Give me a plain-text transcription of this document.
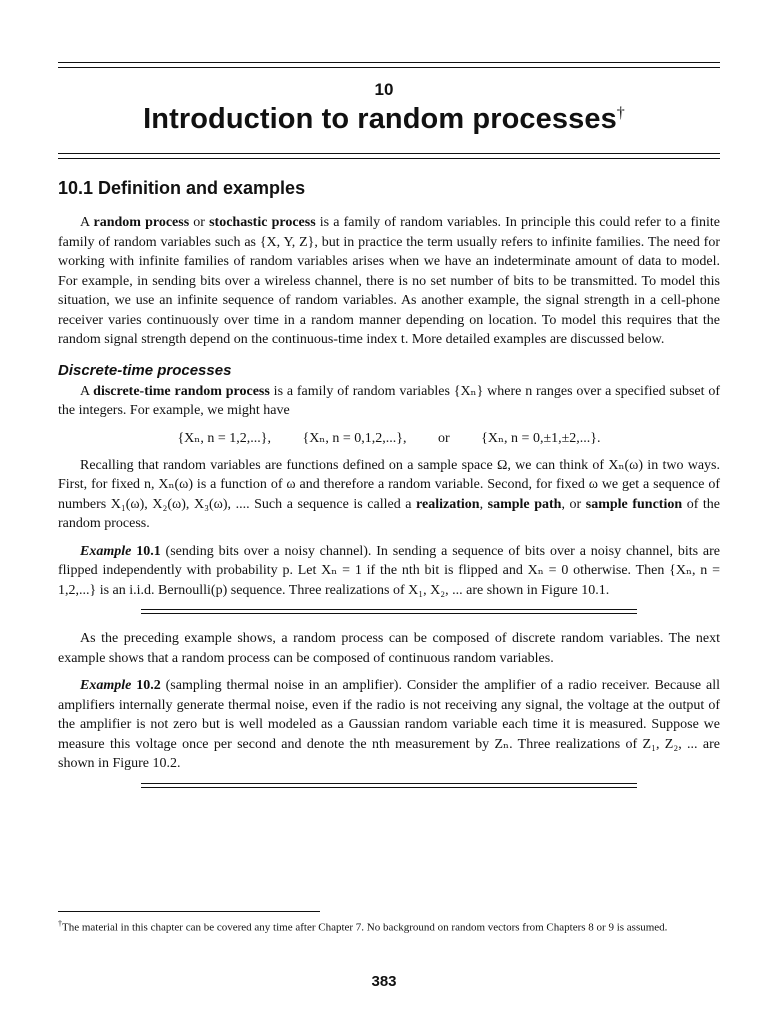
10
Introduction to random processes†
10.1 Definition and examples

A random process or stochastic process is a family of random variables. In principle this could refer to a finite family of random variables such as {X, Y, Z}, but in practice the term usually refers to infinite families. The need for working with infinite families of random variables arises when we have an indeterminate amount of data to model. For example, in sending bits over a wireless channel, there is no set number of bits to be transmitted. To model this situation, we use an infinite sequence of random variables. As another example, the signal strength in a cell-phone receiver varies continuously over time in a random manner depending on location. To model this requires that the random signal strength depend on the continuous-time index t. More detailed examples are discussed below.

Discrete-time processes

A discrete-time random process is a family of random variables {Xₙ} where n ranges over a specified subset of the integers. For example, we might have

{Xₙ, n = 1,2,...}, {Xₙ, n = 0,1,2,...}, or {Xₙ, n = 0,±1,±2,...}.

Recalling that random variables are functions defined on a sample space Ω, we can think of Xₙ(ω) in two ways. First, for fixed n, Xₙ(ω) is a function of ω and therefore a random variable. Second, for fixed ω we get a sequence of numbers X₁(ω), X₂(ω), X₃(ω), .... Such a sequence is called a realization, sample path, or sample function of the random process.

Example 10.1 (sending bits over a noisy channel). In sending a sequence of bits over a noisy channel, bits are flipped independently with probability p. Let Xₙ = 1 if the nth bit is flipped and Xₙ = 0 otherwise. Then {Xₙ, n = 1,2,...} is an i.i.d. Bernoulli(p) sequence. Three realizations of X₁, X₂, ... are shown in Figure 10.1.

As the preceding example shows, a random process can be composed of discrete random variables. The next example shows that a random process can be composed of continuous random variables.

Example 10.2 (sampling thermal noise in an amplifier). Consider the amplifier of a radio receiver. Because all amplifiers internally generate thermal noise, even if the radio is not receiving any signal, the voltage at the output of the amplifier is not zero but is well modeled as a Gaussian random variable each time it is measured. Suppose we measure this voltage once per second and denote the nth measurement by Zₙ. Three realizations of Z₁, Z₂, ... are shown in Figure 10.2.

†The material in this chapter can be covered any time after Chapter 7. No background on random vectors from Chapters 8 or 9 is assumed.
383
